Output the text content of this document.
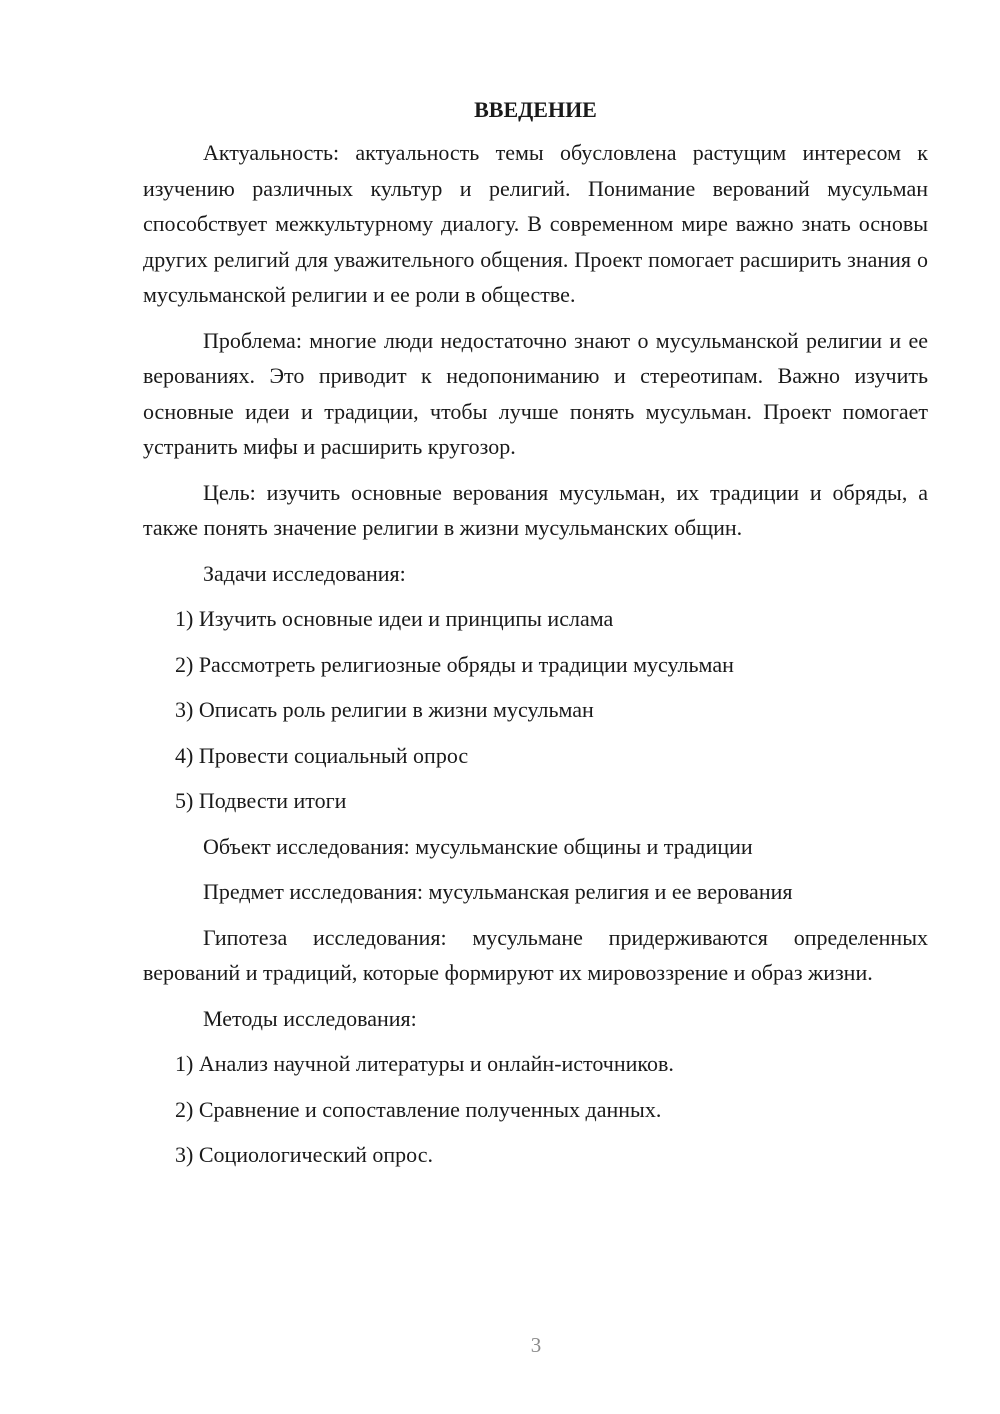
ВВЕДЕНИЕ

Актуальность: актуальность темы обусловлена растущим интересом к изучению различных культур и религий. Понимание верований мусульман способствует межкультурному диалогу. В современном мире важно знать основы других религий для уважительного общения. Проект помогает расширить знания о мусульманской религии и ее роли в обществе.

Проблема: многие люди недостаточно знают о мусульманской религии и ее верованиях. Это приводит к недопониманию и стереотипам. Важно изучить основные идеи и традиции, чтобы лучше понять мусульман. Проект помогает устранить мифы и расширить кругозор.

Цель: изучить основные верования мусульман, их традиции и обряды, а также понять значение религии в жизни мусульманских общин.

Задачи исследования:
1) Изучить основные идеи и принципы ислама
2) Рассмотреть религиозные обряды и традиции мусульман
3) Описать роль религии в жизни мусульман
4) Провести социальный опрос
5) Подвести итоги
Объект исследования: мусульманские общины и традиции
Предмет исследования: мусульманская религия и ее верования

Гипотеза исследования: мусульмане придерживаются определенных верований и традиций, которые формируют их мировоззрение и образ жизни.

Методы исследования:
1) Анализ научной литературы и онлайн-источников.
2) Сравнение и сопоставление полученных данных.
3) Социологический опрос.
3
